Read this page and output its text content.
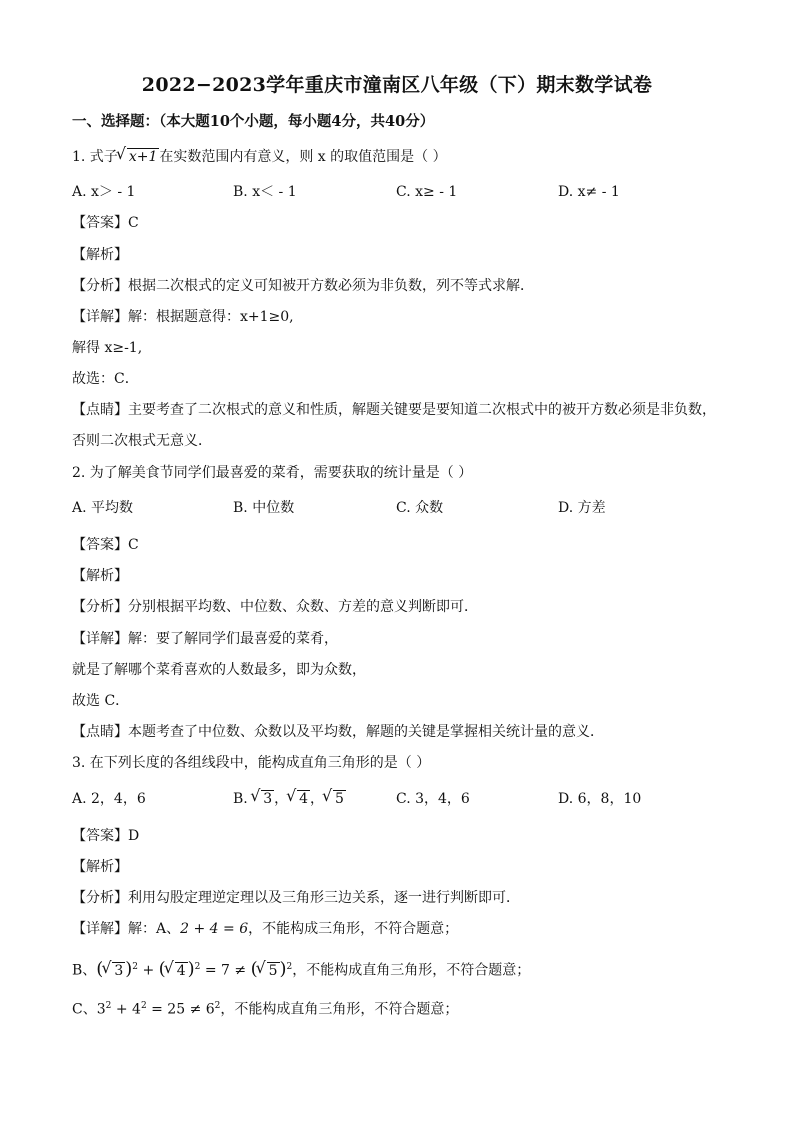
2022−2023学年重庆市潼南区八年级（下）期末数学试卷
一、选择题：（本大题10个小题，每小题4分，共40分）
1. 式子 √ x+1 在实数范围内有意义，则 x 的取值范围是（ ）
A. x＞ - 1	B. x＜ - 1	C. x≥ - 1	D. x≠ - 1
【答案】C
【解析】
【分析】根据二次根式的定义可知被开方数必须为非负数，列不等式求解．
【详解】解：根据题意得：x+1≥0,
解得 x≥-1,
故选：C．
【点睛】主要考查了二次根式的意义和性质，解题关键要是要知道二次根式中的被开方数必须是非负数，
否则二次根式无意义．
2. 为了解美食节同学们最喜爱的菜肴，需要获取的统计量是（ ）
A. 平均数	B. 中位数	C. 众数	D. 方差
【答案】C
【解析】
【分析】分别根据平均数、中位数、众数、方差的意义判断即可．
【详解】解：要了解同学们最喜爱的菜肴，
就是了解哪个菜肴喜欢的人数最多，即为众数，
故选 C．
【点睛】本题考查了中位数、众数以及平均数，解题的关键是掌握相关统计量的意义．
3. 在下列长度的各组线段中，能构成直角三角形的是（ ）
A. 2，4，6	B. √ 3 ， √ 4 ， √ 5	C. 3，4，6	D. 6，8，10
【答案】D
【解析】
【分析】利用勾股定理逆定理以及三角形三边关系，逐一进行判断即可．
【详解】解：A、2 + 4 = 6，不能构成三角形，不符合题意；
B、( √ 3 )$^2$ + ( √ 4 )$^2$ = 7 ≠ ( √ 5 )$^2$，不能构成直角三角形，不符合题意；
C、$3^2 + 4^2 = 25 \ne 6^2$，不能构成直角三角形，不符合题意；
